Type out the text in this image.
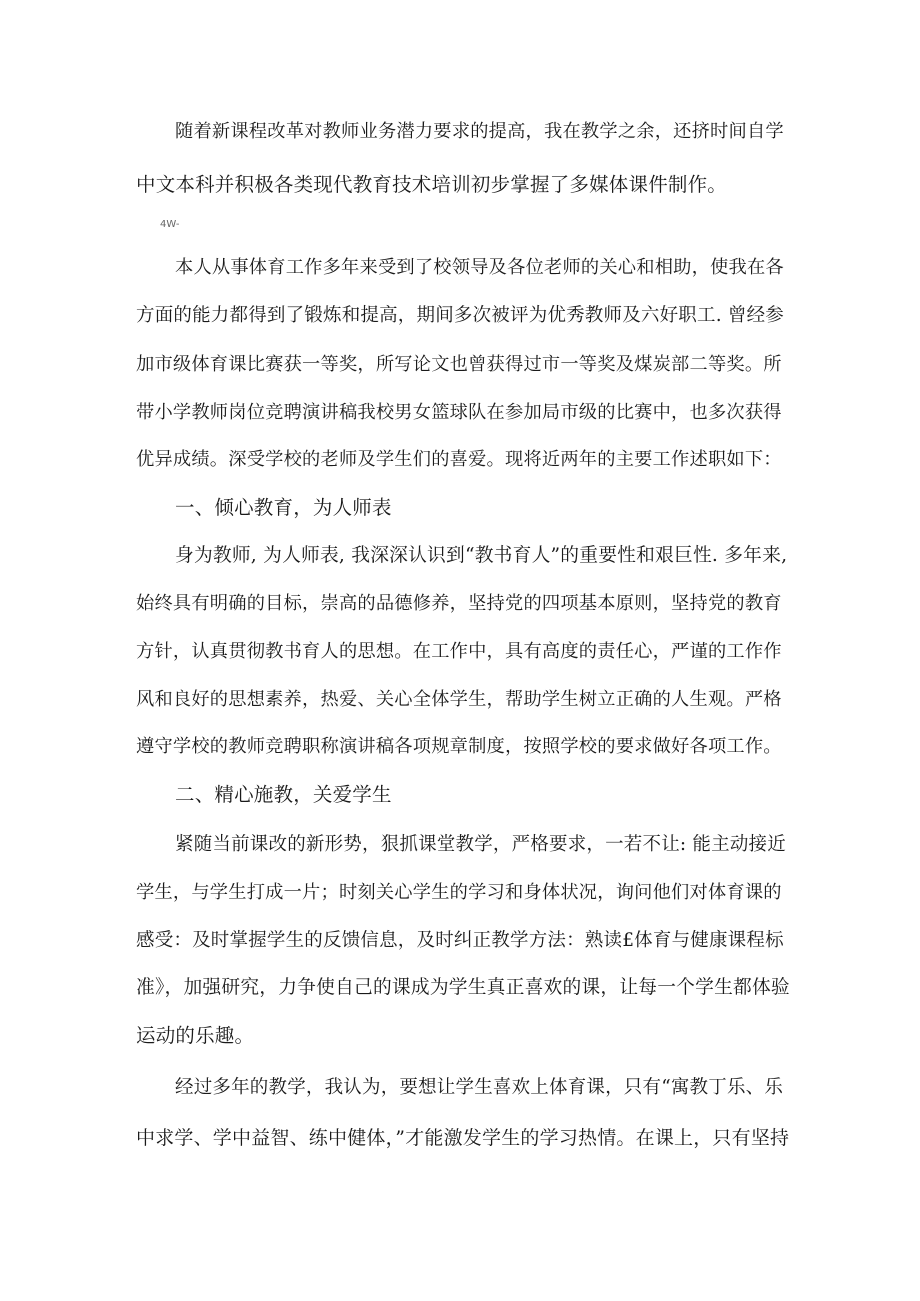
随着新课程改革对教师业务潜力要求的提高，我在教学之余，还挤时间自学
中文本科并积极各类现代教育技术培训初步掌握了多媒体课件制作。
4W-
本人从事体育工作多年来受到了校领导及各位老师的关心和相助，使我在各
方面的能力都得到了锻炼和提高，期间多次被评为优秀教师及六好职工. 曾经参
加市级体育课比赛获一等奖，所写论文也曾获得过市一等奖及煤炭部二等奖。所
带小学教师岗位竞聘演讲稿我校男女篮球队在参加局市级的比赛中，也多次获得
优异成绩。深受学校的老师及学生们的喜爱。现将近两年的主要工作述职如下：
一、倾心教育，为人师表
身为教师, 为人师表, 我深深认识到“教书育人”的重要性和艰巨性. 多年来,
始终具有明确的目标，崇高的品德修养，坚持党的四项基本原则，坚持党的教育
方针，认真贯彻教书育人的思想。在工作中，具有高度的责任心，严谨的工作作
风和良好的思想素养，热爱、关心全体学生，帮助学生树立正确的人生观。严格
遵守学校的教师竞聘职称演讲稿各项规章制度，按照学校的要求做好各项工作。
二、精心施教，关爱学生
紧随当前课改的新形势，狠抓课堂教学，严格要求，一若不让: 能主动接近
学生，与学生打成一片；时刻关心学生的学习和身体状况，询问他们对体育课的
感受：及时掌握学生的反馈信息，及时纠正教学方法：熟读£体育与健康课程标
准》，加强研究，力争使自己的课成为学生真正喜欢的课，让每一个学生都体验
运动的乐趣。
经过多年的教学，我认为，要想让学生喜欢上体育课，只有“寓教丁乐、乐
中求学、学中益智、练中健体，”才能激发学生的学习热情。在课上，只有坚持
